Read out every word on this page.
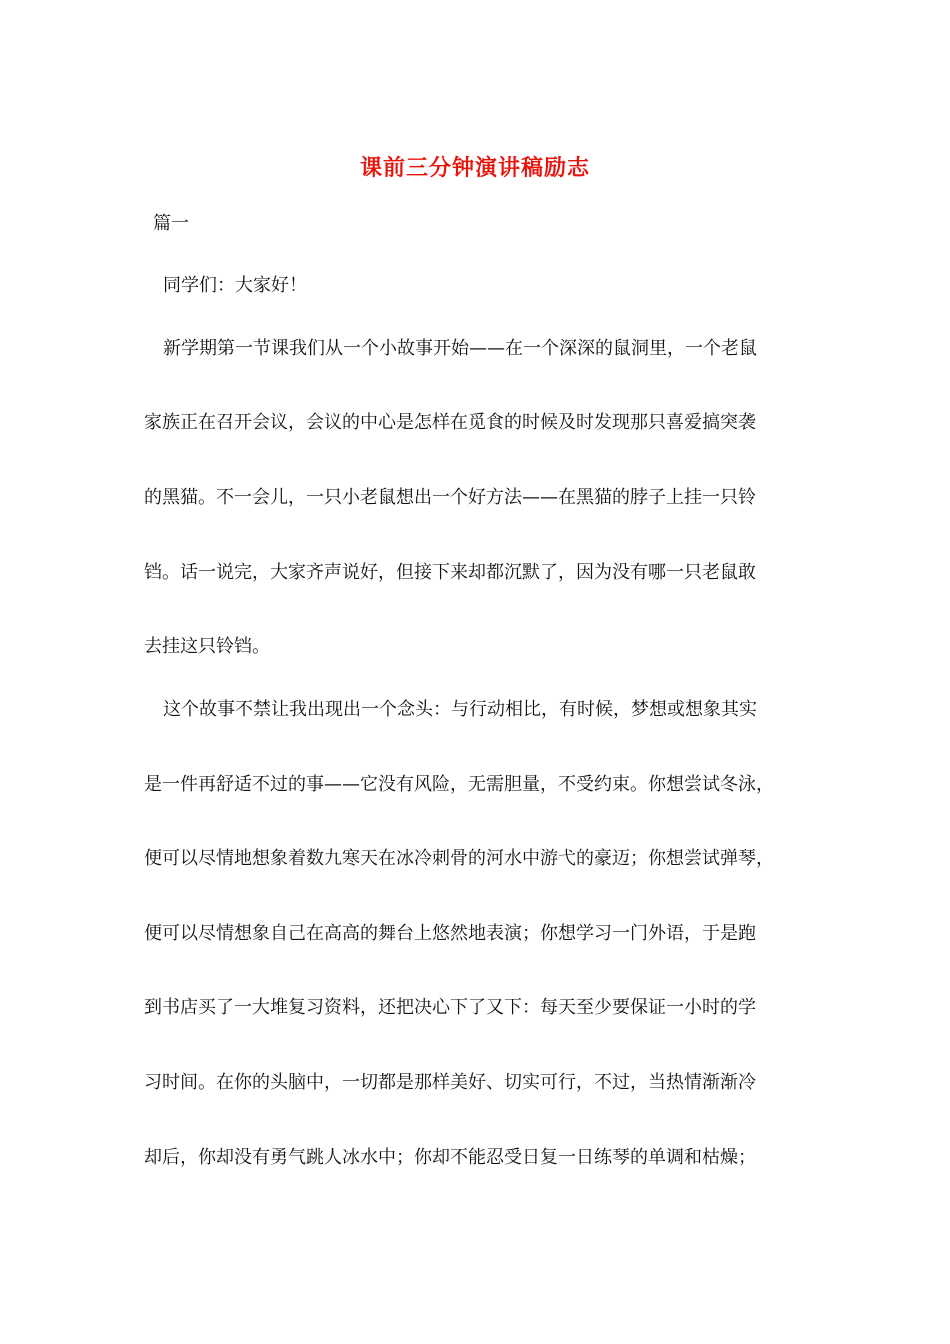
课前三分钟演讲稿励志
篇一
同学们：大家好！
新学期第一节课我们从一个小故事开始——在一个深深的鼠洞里，一个老鼠
家族正在召开会议，会议的中心是怎样在觅食的时候及时发现那只喜爱搞突袭
的黑猫。不一会儿，一只小老鼠想出一个好方法——在黑猫的脖子上挂一只铃
铛。话一说完，大家齐声说好，但接下来却都沉默了，因为没有哪一只老鼠敢
去挂这只铃铛。
这个故事不禁让我出现出一个念头：与行动相比，有时候，梦想或想象其实
是一件再舒适不过的事——它没有风险，无需胆量，不受约束。你想尝试冬泳，
便可以尽情地想象着数九寒天在冰冷刺骨的河水中游弋的豪迈；你想尝试弹琴，
便可以尽情想象自己在高高的舞台上悠然地表演；你想学习一门外语，于是跑
到书店买了一大堆复习资料，还把决心下了又下：每天至少要保证一小时的学
习时间。在你的头脑中，一切都是那样美好、切实可行，不过，当热情渐渐冷
却后，你却没有勇气跳人冰水中；你却不能忍受日复一日练琴的单调和枯燥；
